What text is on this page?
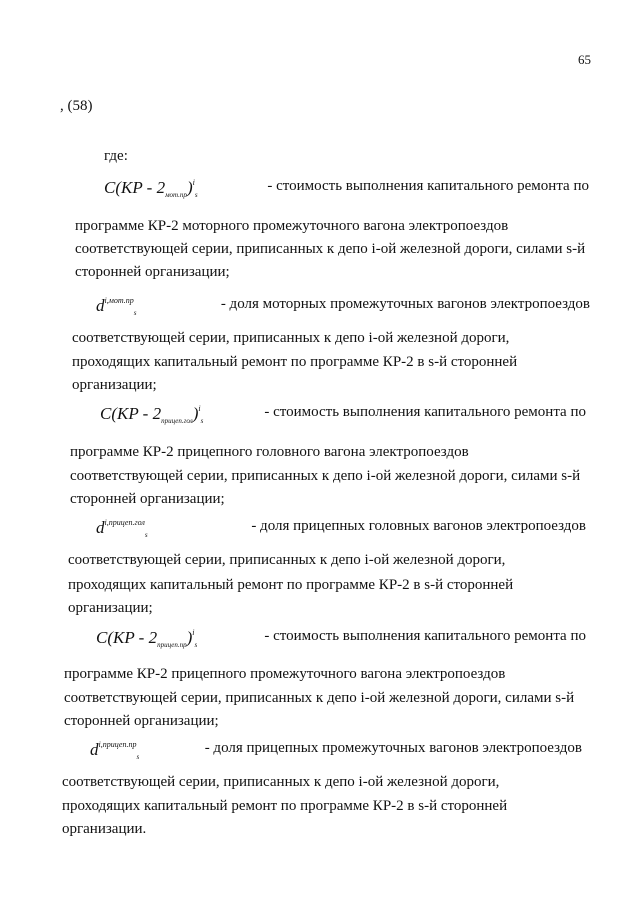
65
, (58)
где:
$C(KP - 2_{мот.пр})^i_s$
- стоимость выполнения капитального ремонта по
программе КР-2 моторного промежуточного вагона электропоездов
соответствующей серии, приписанных к депо i-ой железной дороги, силами s-й
сторонней организации;
$d^{i,мот.пр}_s$
- доля моторных промежуточных вагонов электропоездов
соответствующей серии, приписанных к депо i-ой железной дороги,
проходящих капитальный ремонт по программе КР-2 в s-й сторонней
организации;
$C(KP - 2_{прицеп.гол})^i_s$
- стоимость выполнения капитального ремонта по
программе КР-2 прицепного головного вагона электропоездов
соответствующей серии, приписанных к депо i-ой железной дороги, силами s-й
сторонней организации;
$d^{i,прицеп.гол}_s$
- доля прицепных головных вагонов электропоездов
соответствующей серии, приписанных к депо i-ой железной дороги,
проходящих капитальный ремонт по программе КР-2 в s-й сторонней
организации;
$C(KP - 2_{прицеп.пр})^i_s$
- стоимость выполнения капитального ремонта по
программе КР-2 прицепного промежуточного вагона электропоездов
соответствующей серии, приписанных к депо i-ой железной дороги, силами s-й
сторонней организации;
$d^{i,прицеп.пр}_s$
- доля прицепных промежуточных вагонов электропоездов
соответствующей серии, приписанных к депо i-ой железной дороги,
проходящих капитальный ремонт по программе КР-2 в s-й сторонней
организации.
